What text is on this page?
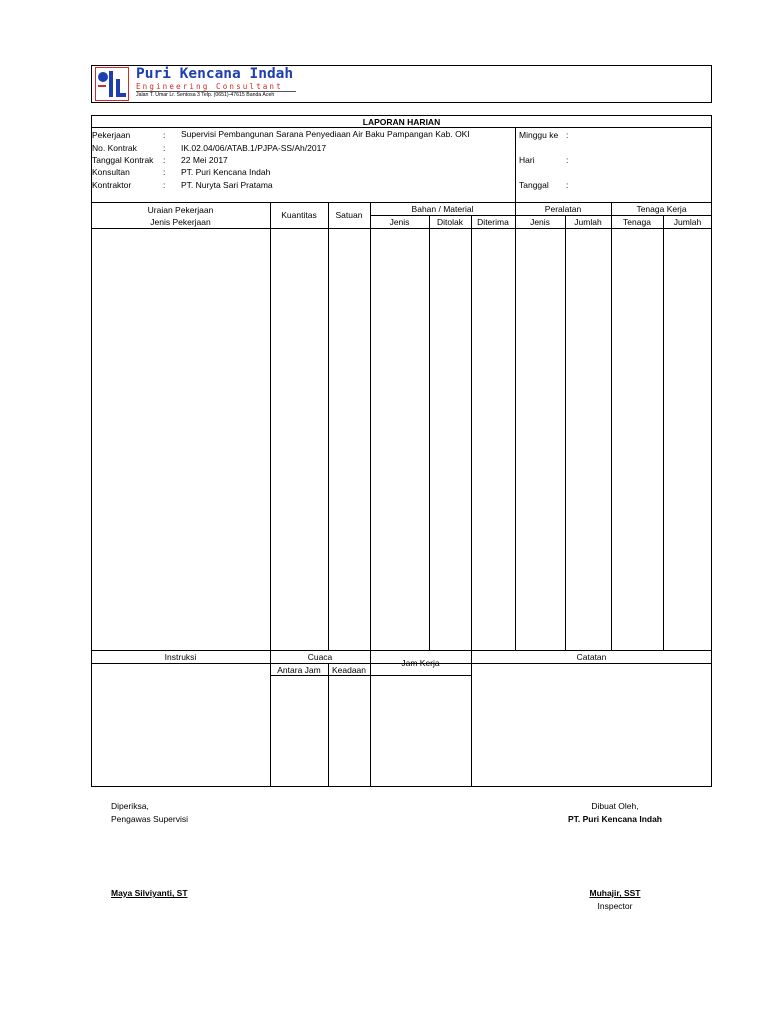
Puri Kencana Indah
Engineering Consultant
Jalan T. Umar Lr. Sentosa 3 Telp. (0651)-47615 Banda Aceh
LAPORAN HARIAN
Pekerjaan	: Supervisi Pembangunan Sarana Penyediaan Air Baku Pampangan Kab. OKI
No. Kontrak	: IK.02.04/06/ATAB.1/PJPA-SS/Ah/2017
Tanggal Kontrak : 22 Mei 2017
Konsultan	: PT. Puri Kencana Indah
Kontraktor	: PT. Nuryta Sari Pratama
Minggu ke :
Hari	:
Tanggal :
Uraian Pekerjaan
Jenis Pekerjaan
Kuantitas	Satuan
Bahan / Material
Jenis	Ditolak	Diterima
Peralatan
Jenis	Jumlah
Tenaga Kerja
Tenaga	Jumlah
Instruksi	Cuaca
Antara Jam	Keadaan
Jam Kerja
Catatan
Diperiksa,
Pengawas Supervisi
Maya Silviyanti, ST
Dibuat Oleh,
PT. Puri Kencana Indah
Muhajir, SST
Inspector
